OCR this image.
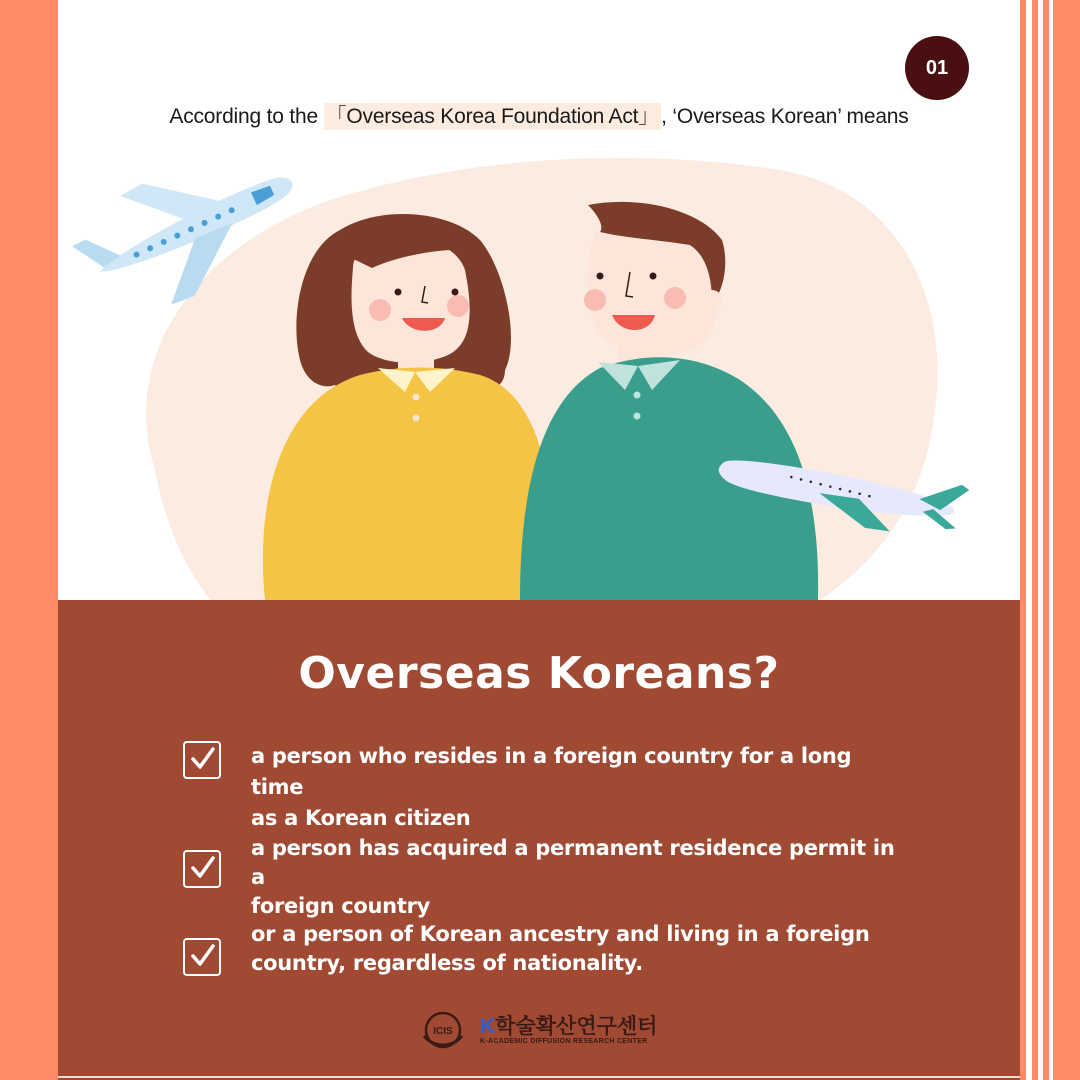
01
According to the 「Overseas Korea Foundation Act」, ‘Overseas Korean’ means
Overseas Koreans?
a person who resides in a foreign country for a long time
as a Korean citizen
a person has acquired a permanent residence permit in a
foreign country
or a person of Korean ancestry and living in a foreign
country, regardless of nationality.
ICIS K학술확산연구센터
K-ACADEMIC DIFFUSION RESEARCH CENTER
